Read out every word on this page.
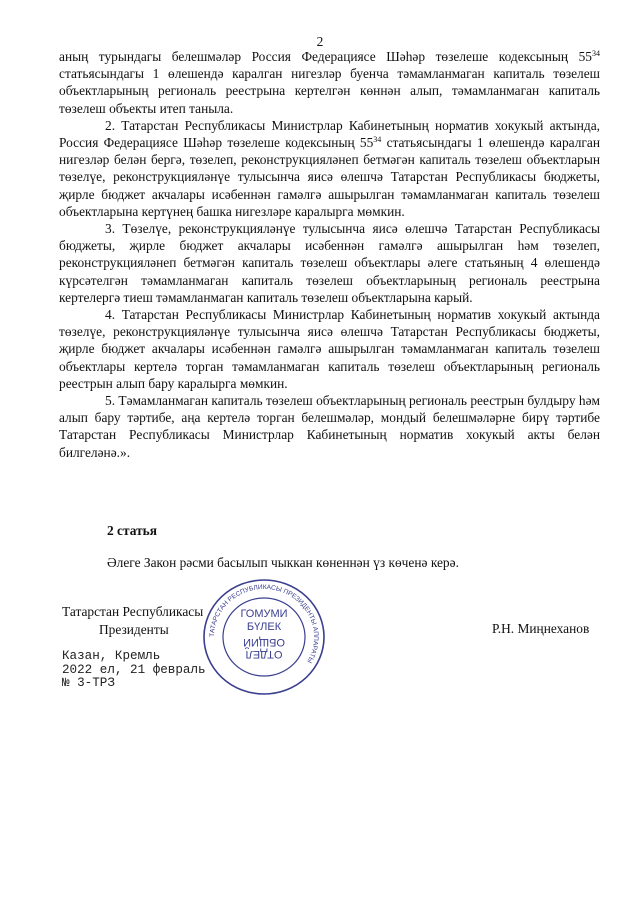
2

аның турындагы белешмәләр Россия Федерациясе Шәһәр төзелеше кодексының $55^{34}$ статьясындагы 1 өлешендә каралган нигезләр буенча тәмамланмаган капиталь төзелеш объектларының региональ реестрына кертелгән көннән алып, тәмамланмаган капиталь төзелеш объекты итеп таныла.

2. Татарстан Республикасы Министрлар Кабинетының норматив хокукый актында, Россия Федерациясе Шәһәр төзелеше кодексының $55^{34}$ статьясындагы 1 өлешендә каралган нигезләр белән бергә, төзелеп, реконструкцияләнеп бетмәгән капиталь төзелеш объектларын төзелүе, реконструкцияләнүе тулысынча яисә өлешчә Татарстан Республикасы бюджеты, җирле бюджет акчалары исәбеннән гамәлгә ашырылган тәмамланмаган капиталь төзелеш объектларына кертүнең башка нигезләре каралырга мөмкин.

3. Төзелүе, реконструкцияләнүе тулысынча яисә өлешчә Татарстан Республикасы бюджеты, җирле бюджет акчалары исәбеннән гамәлгә ашырылган һәм төзелеп, реконструкцияләнеп бетмәгән капиталь төзелеш объектлары әлеге статьяның 4 өлешендә күрсәтелгән тәмамланмаган капиталь төзелеш объектларының региональ реестрына кертелергә тиеш тәмамланмаган капиталь төзелеш объектларына карый.

4. Татарстан Республикасы Министрлар Кабинетының норматив хокукый актында төзелүе, реконструкцияләнүе тулысынча яисә өлешчә Татарстан Республикасы бюджеты, җирле бюджет акчалары исәбеннән гамәлгә ашырылган тәмамланмаган капиталь төзелеш объектлары кертелә торган тәмамланмаган капиталь төзелеш объектларының региональ реестрын алып бару каралырга мөмкин.

5. Тәмамланмаган капиталь төзелеш объектларының региональ реестрын булдыру һәм алып бару тәртибе, аңа кертелә торган белешмәләр, мондый белешмәләрне бирү тәртибе Татарстан Республикасы Министрлар Кабинетының норматив хокукый акты белән билгеләнә.».

2 статья
Әлеге Закон рәсми басылып чыккан көненнән үз көченә керә.
Татарстан Республикасы
Президенты	Р.Н. Миңнеханов
Казан, Кремль
2022 ел, 21 февраль
№ 3-ТРЗ
ТАТАРСТАН РЕСПУБЛИКАСЫ ПРЕЗИДЕНТЫ АППАРАТЫ
ГОМУМИ
БҮЛЕК
ОБЩИЙ
ОТДЕЛ
